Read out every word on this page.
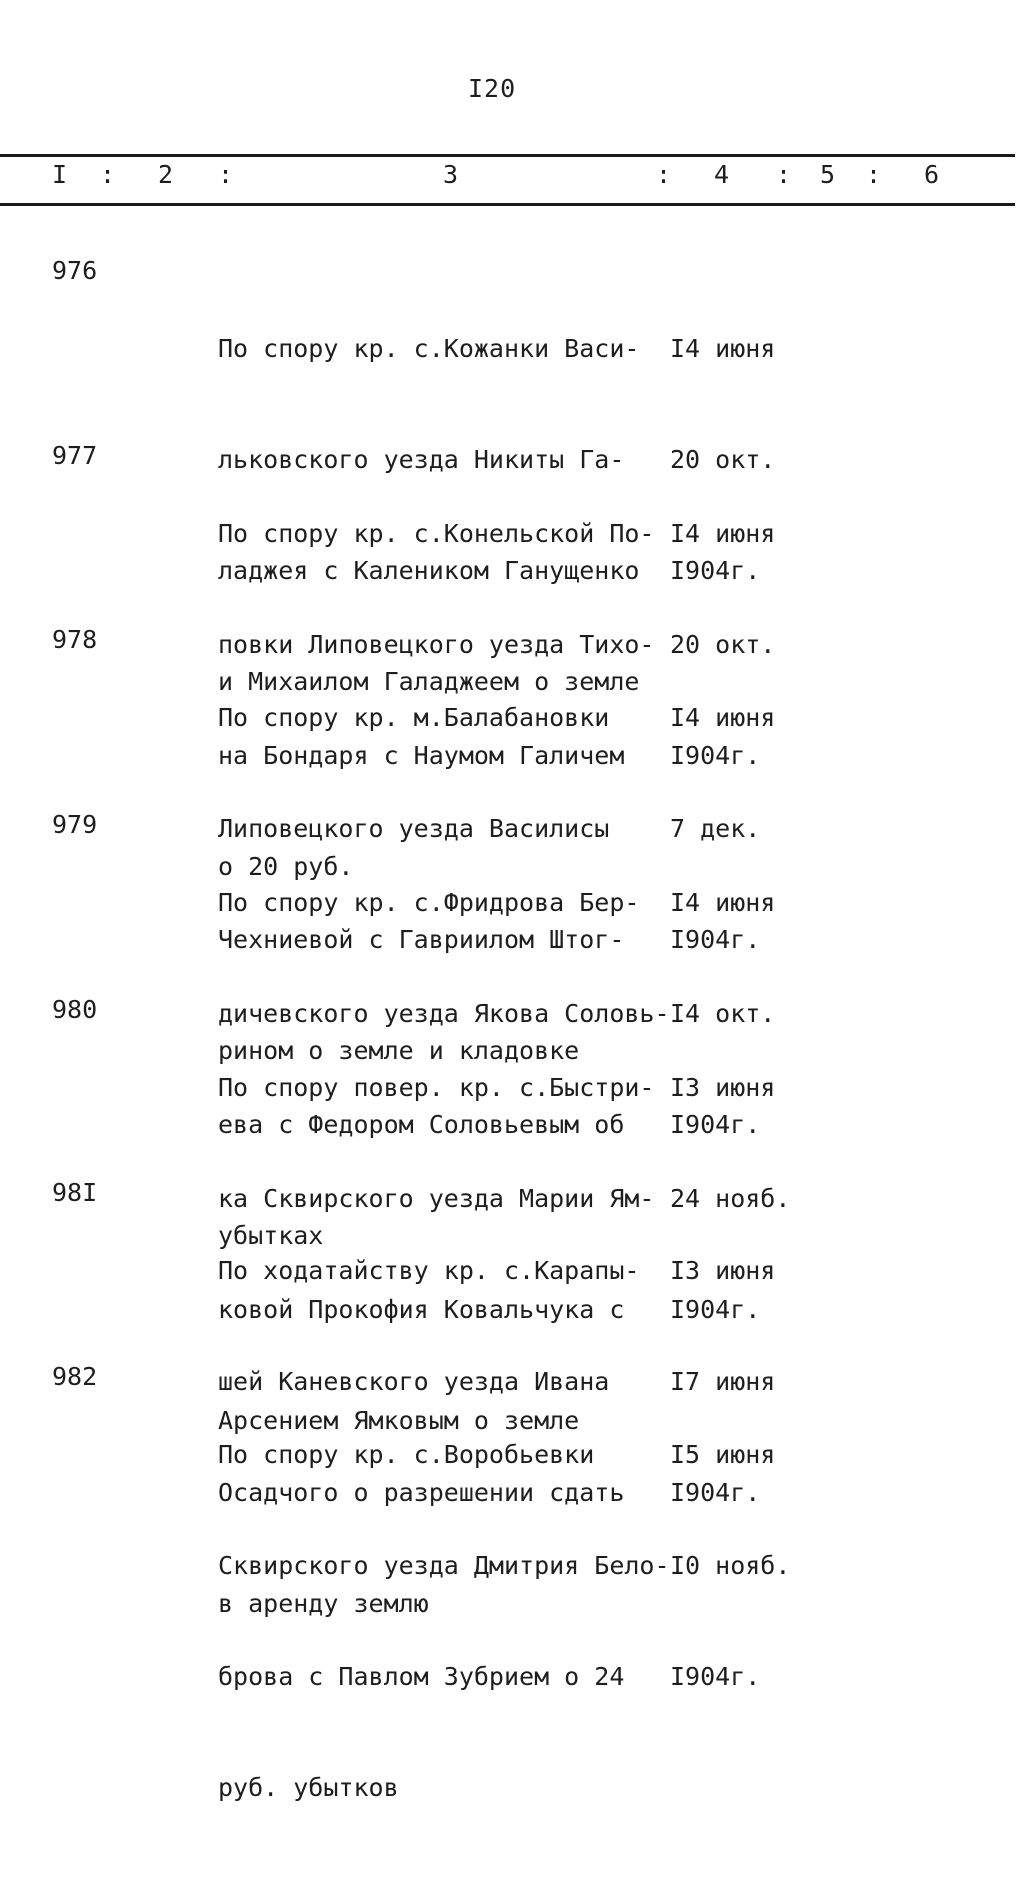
I20
I : 2 :	3	: 4 : 5 : 6
976

По спору кр. с.Кожанки Васи-

льковского уезда Никиты Га-

ладжея с Калеником Ганущенко

и Михаилом Галаджеем о земле

I4 июня

20 окт.

I904г.

977

По спору кр. с.Конельской По-

повки Липовецкого уезда Тихо-

на Бондаря с Наумом Галичем

о 20 руб.

I4 июня

20 окт.

I904г.

978

По спору кр. м.Балабановки

Липовецкого уезда Василисы

Чехниевой с Гавриилом Штог-

рином о земле и кладовке

I4 июня

7 дек.

I904г.

979

По спору кр. с.Фридрова Бер-

дичевского уезда Якова Соловь-

ева с Федором Соловьевым об

убытках

I4 июня

I4 окт.

I904г.

980

По спору повер. кр. с.Быстри-

ка Сквирского уезда Марии Ям-

ковой Прокофия Ковальчука с

Арсением Ямковым о земле

I3 июня

24 нояб.

I904г.

98I

По ходатайству кр. с.Карапы-

шей Каневского уезда Ивана

Осадчого о разрешении сдать

в аренду землю

I3 июня

I7 июня

I904г.

982

По спору кр. с.Воробьевки

Сквирского уезда Дмитрия Бело-

брова с Павлом Зубрием о 24

руб. убытков

I5 июня

I0 нояб.

I904г.
